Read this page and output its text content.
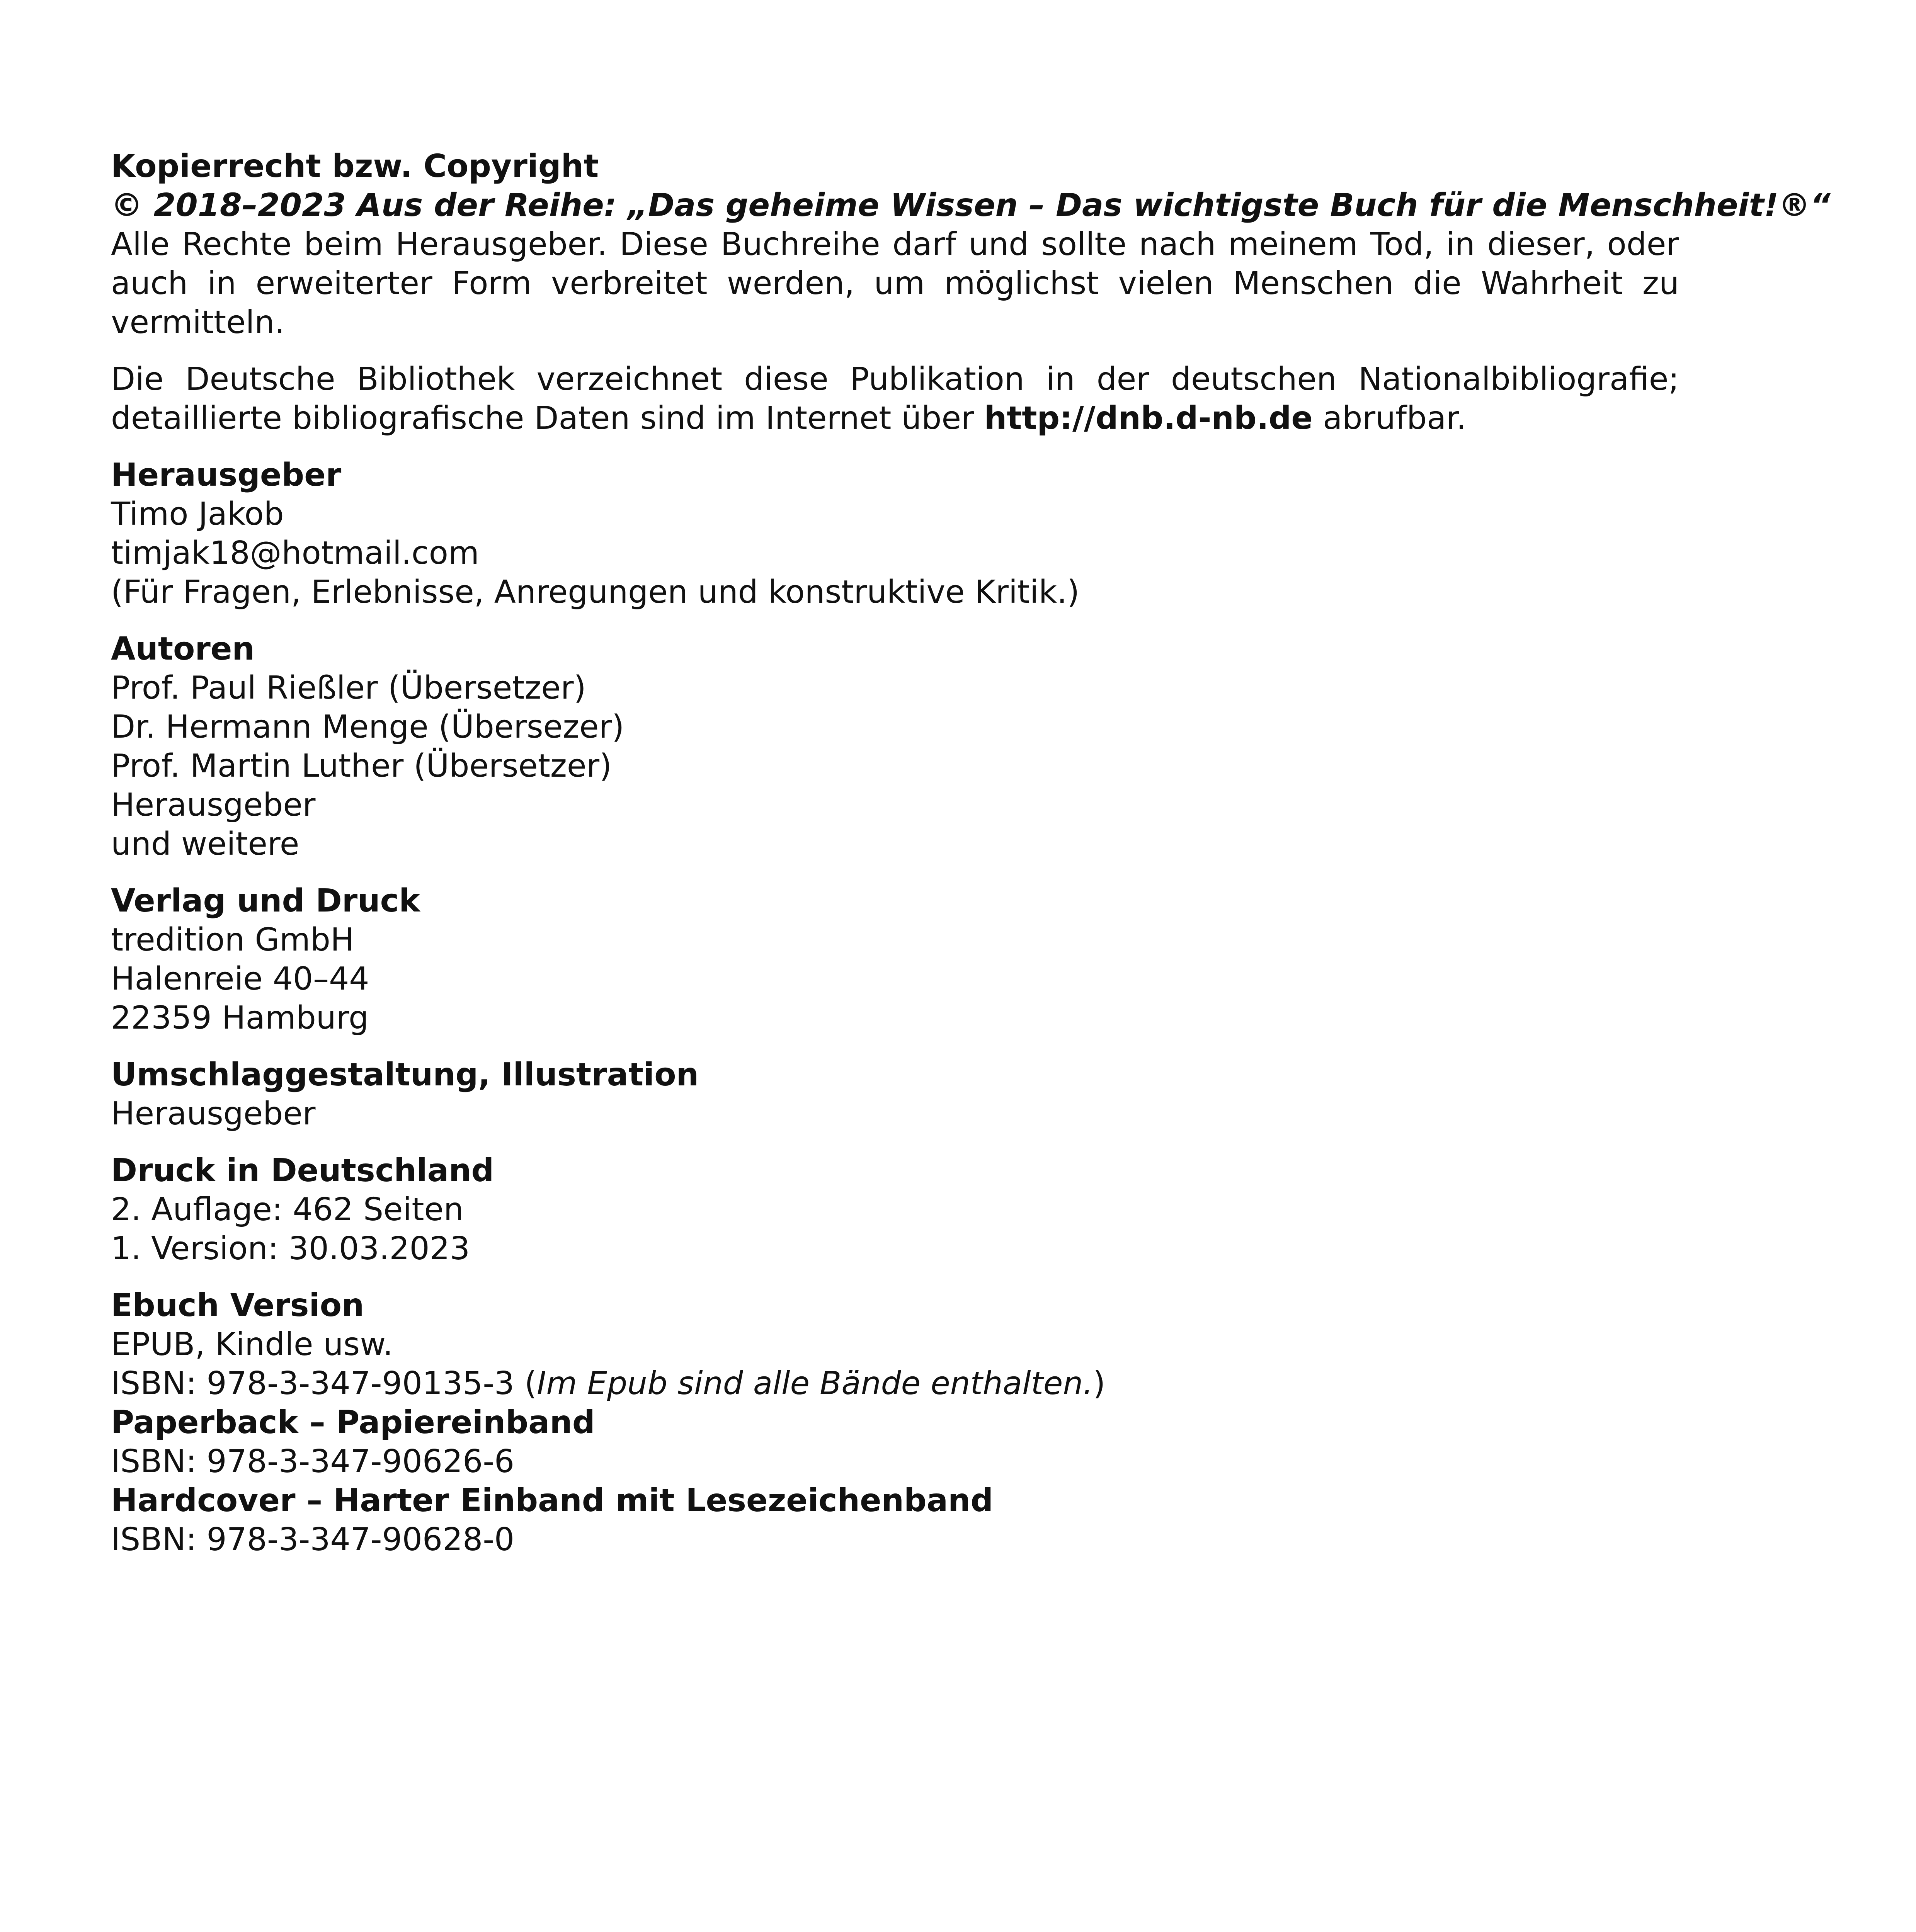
Kopierrecht bzw. Copyright
© 2018–2023 Aus der Reihe: „Das geheime Wissen – Das wichtigste Buch für die Menschheit!®“
Alle Rechte beim Herausgeber. Diese Buchreihe darf und sollte nach meinem Tod, in dieser, oder auch in erweiterter Form verbreitet werden, um möglichst vielen Menschen die Wahrheit zu vermitteln.
Die Deutsche Bibliothek verzeichnet diese Publikation in der deutschen Nationalbibliografie; detaillierte bibliografische Daten sind im Internet über http://dnb.d-nb.de abrufbar.
Herausgeber
Timo Jakob
timjak18@hotmail.com
(Für Fragen, Erlebnisse, Anregungen und konstruktive Kritik.)
Autoren
Prof. Paul Rießler (Übersetzer)
Dr. Hermann Menge (Übersezer)
Prof. Martin Luther (Übersetzer)
Herausgeber
und weitere
Verlag und Druck
tredition GmbH
Halenreie 40–44
22359 Hamburg
Umschlaggestaltung, Illustration
Herausgeber
Druck in Deutschland
2. Auflage: 462 Seiten
1. Version: 30.03.2023
Ebuch Version
EPUB, Kindle usw.
ISBN: 978-3-347-90135-3 (Im Epub sind alle Bände enthalten.)
Paperback – Papiereinband
ISBN: 978-3-347-90626-6
Hardcover – Harter Einband mit Lesezeichenband
ISBN: 978-3-347-90628-0
